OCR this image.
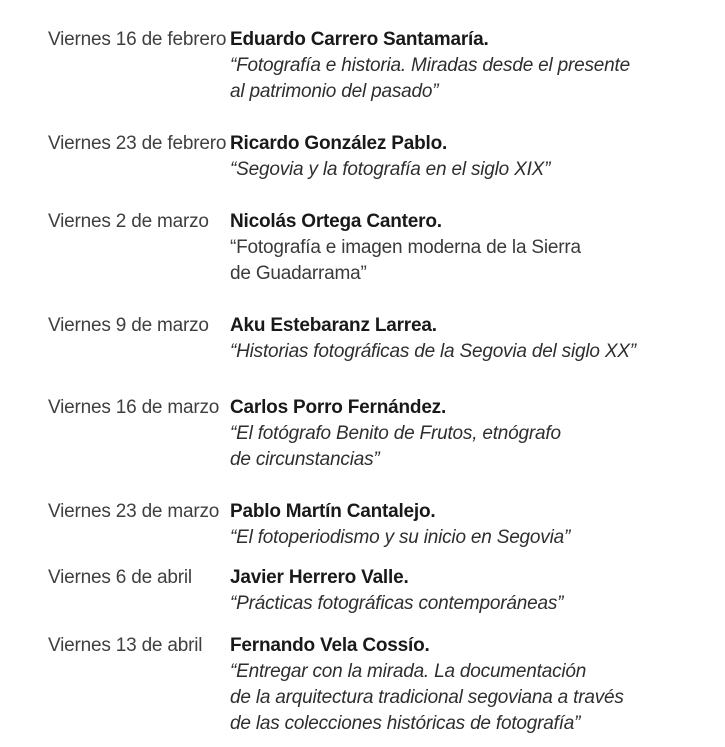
Viernes 16 de febrero Eduardo Carrero Santamaría.
“Fotografía e historia. Miradas desde el presente
al patrimonio del pasado”
Viernes 23 de febrero Ricardo González Pablo.
“Segovia y la fotografía en el siglo XIX”
Viernes 2 de marzo	Nicolás Ortega Cantero.
“Fotografía e imagen moderna de la Sierra
de Guadarrama”
Viernes 9 de marzo	Aku Estebaranz Larrea.
“Historias fotográficas de la Segovia del siglo XX”
Viernes 16 de marzo Carlos Porro Fernández.
“El fotógrafo Benito de Frutos, etnógrafo
de circunstancias”
Viernes 23 de marzo Pablo Martín Cantalejo.
“El fotoperiodismo y su inicio en Segovia”
Viernes 6 de abril	Javier Herrero Valle.
“Prácticas fotográficas contemporáneas”
Viernes 13 de abril	Fernando Vela Cossío.
“Entregar con la mirada. La documentación
de la arquitectura tradicional segoviana a través
de las colecciones históricas de fotografía”
